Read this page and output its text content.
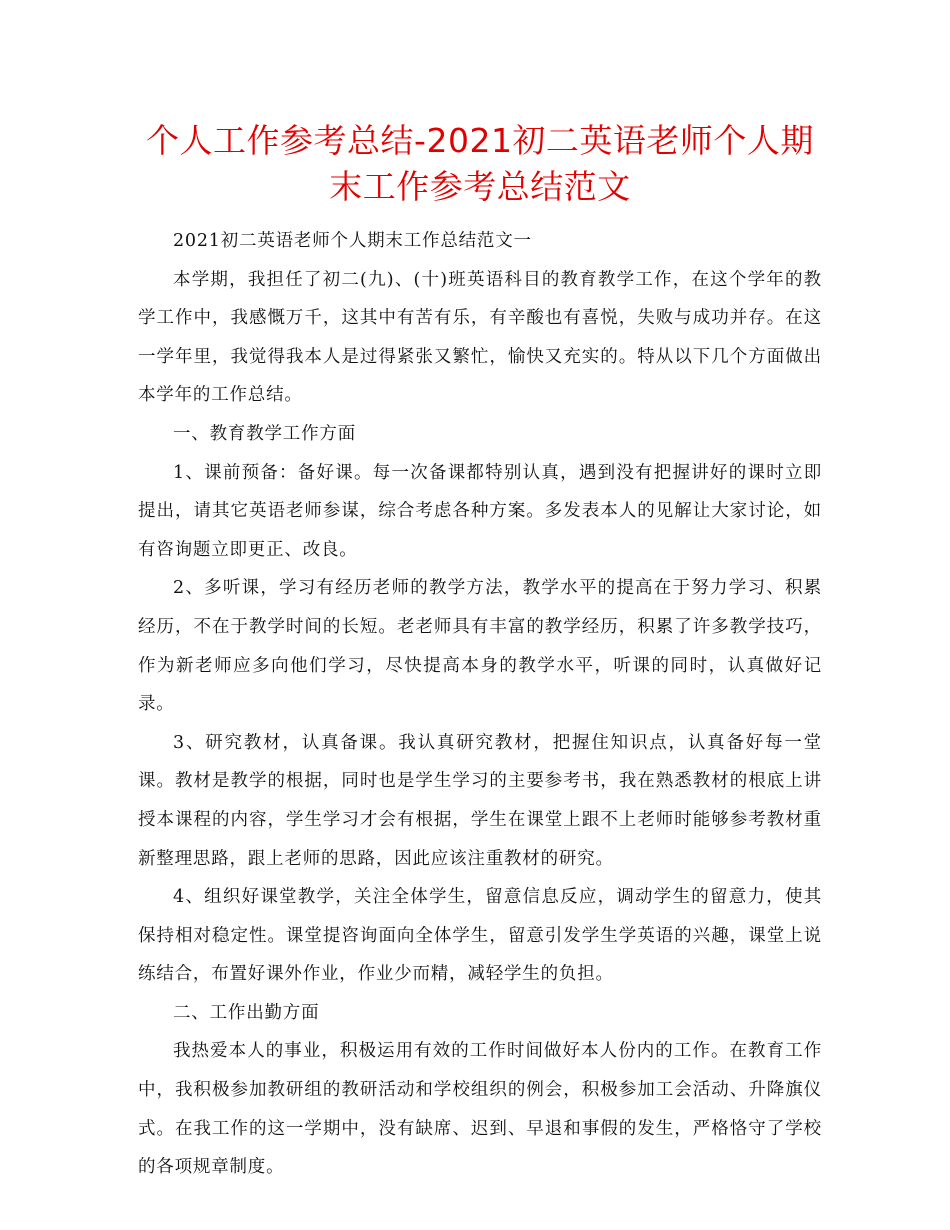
个人工作参考总结-2021初二英语老师个人期末工作参考总结范文

2021初二英语老师个人期末工作总结范文一

本学期，我担任了初二(九)、(十)班英语科目的教育教学工作，在这个学年的教学工作中，我感慨万千，这其中有苦有乐，有辛酸也有喜悦，失败与成功并存。在这一学年里，我觉得我本人是过得紧张又繁忙，愉快又充实的。特从以下几个方面做出本学年的工作总结。

一、教育教学工作方面

1、课前预备：备好课。每一次备课都特别认真，遇到没有把握讲好的课时立即提出，请其它英语老师参谋，综合考虑各种方案。多发表本人的见解让大家讨论，如有咨询题立即更正、改良。

2、多听课，学习有经历老师的教学方法，教学水平的提高在于努力学习、积累经历，不在于教学时间的长短。老老师具有丰富的教学经历，积累了许多教学技巧，作为新老师应多向他们学习，尽快提高本身的教学水平，听课的同时，认真做好记录。

3、研究教材，认真备课。我认真研究教材，把握住知识点，认真备好每一堂课。教材是教学的根据，同时也是学生学习的主要参考书，我在熟悉教材的根底上讲授本课程的内容，学生学习才会有根据，学生在课堂上跟不上老师时能够参考教材重新整理思路，跟上老师的思路，因此应该注重教材的研究。

4、组织好课堂教学，关注全体学生，留意信息反应，调动学生的留意力，使其保持相对稳定性。课堂提咨询面向全体学生，留意引发学生学英语的兴趣，课堂上说练结合，布置好课外作业，作业少而精，减轻学生的负担。

二、工作出勤方面

我热爱本人的事业，积极运用有效的工作时间做好本人份内的工作。在教育工作中，我积极参加教研组的教研活动和学校组织的例会，积极参加工会活动、升降旗仪式。在我工作的这一学期中，没有缺席、迟到、早退和事假的发生，严格恪守了学校的各项规章制度。
